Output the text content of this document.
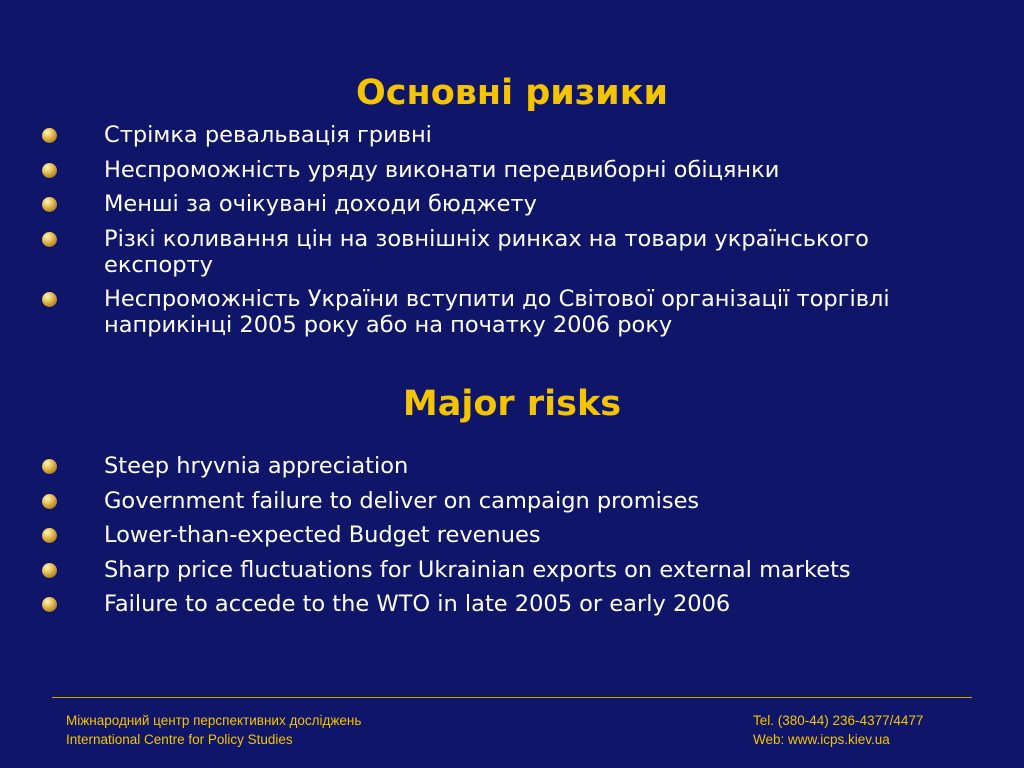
Основні ризики
Стрімка ревальвація гривні
Неспроможність уряду виконати передвиборні обіцянки
Менші за очікувані доходи бюджету
Різкі коливання цін на зовнішніх ринках на товари українського експорту
Неспроможність України вступити до Світової організації торгівлі наприкінці 2005 року або на початку 2006 року
Major risks
Steep hryvnia appreciation
Government failure to deliver on campaign promises
Lower-than-expected Budget revenues
Sharp price fluctuations for Ukrainian exports on external markets
Failure to accede to the WTO in late 2005 or early 2006
Міжнародний центр перспективних досліджень
International Centre for Policy Studies
Tel. (380-44) 236-4377/4477
Web: www.icps.kiev.ua
